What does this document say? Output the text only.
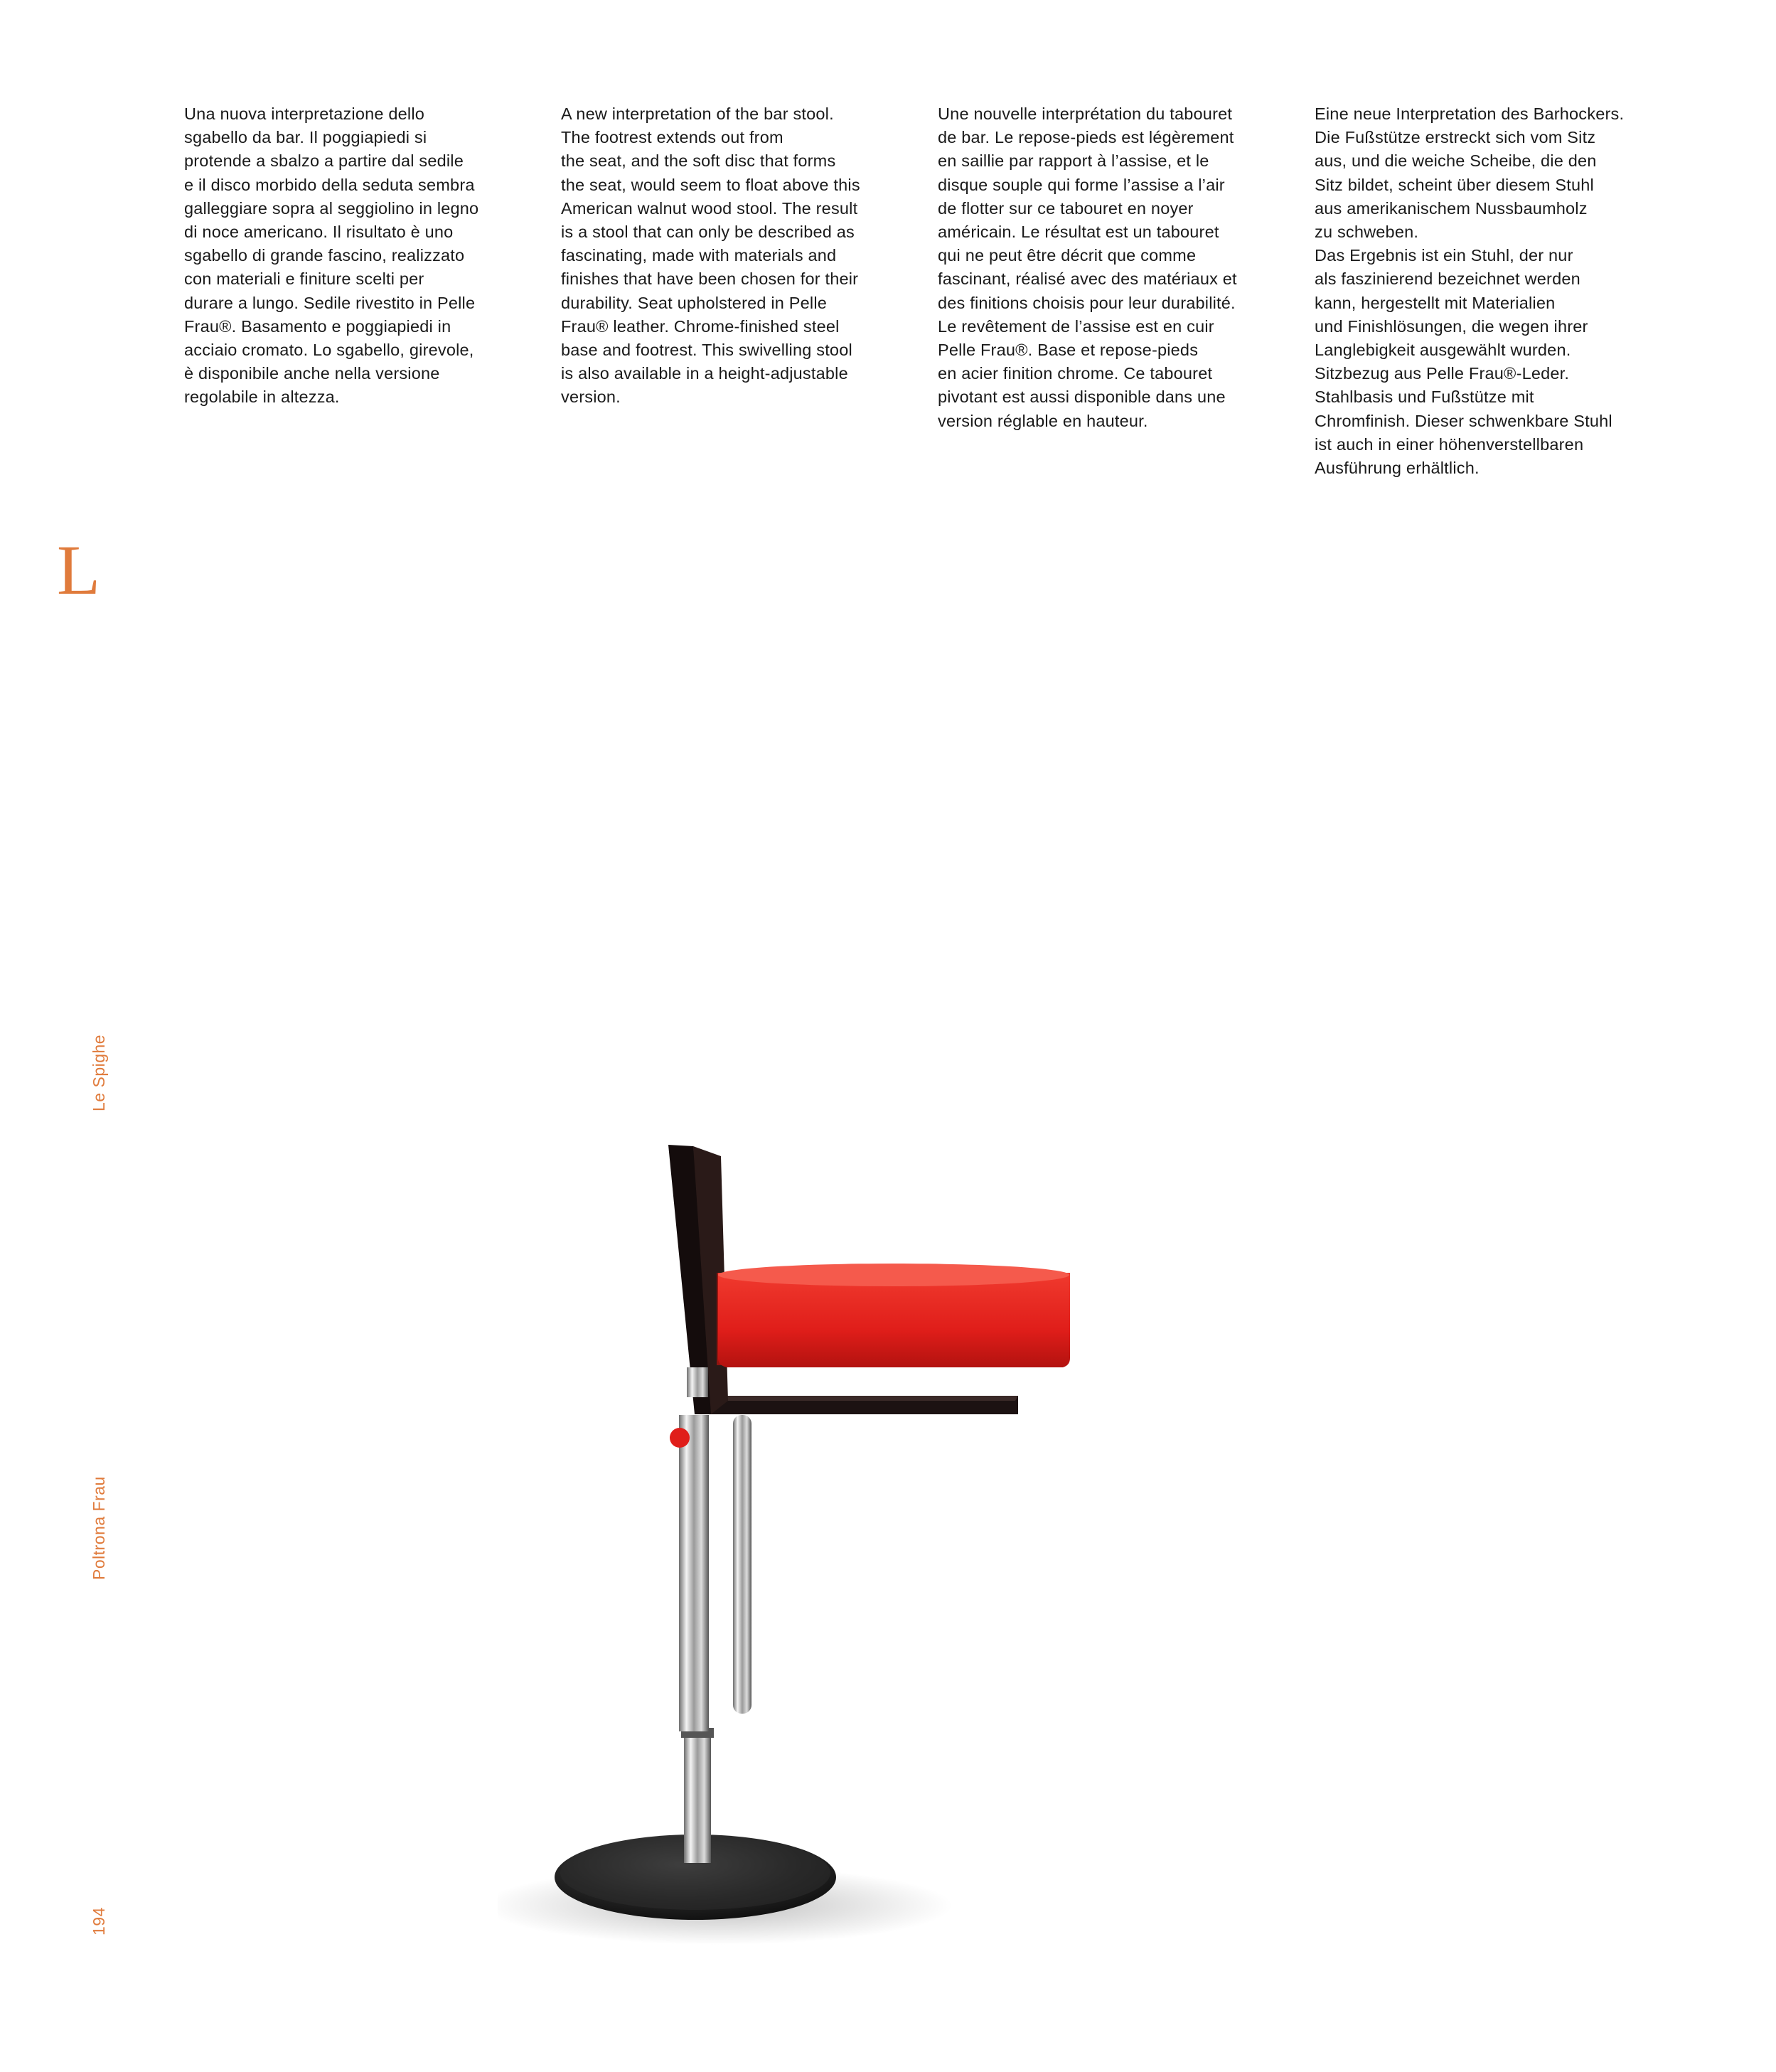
Una nuova interpretazione dello
sgabello da bar. Il poggiapiedi si
protende a sbalzo a partire dal sedile
e il disco morbido della seduta sembra
galleggiare sopra al seggiolino in legno
di noce americano. Il risultato è uno
sgabello di grande fascino, realizzato
con materiali e finiture scelti per
durare a lungo. Sedile rivestito in Pelle
Frau®. Basamento e poggiapiedi in
acciaio cromato. Lo sgabello, girevole,
è disponibile anche nella versione
regolabile in altezza.
A new interpretation of the bar stool.
The footrest extends out from
the seat, and the soft disc that forms
the seat, would seem to float above this
American walnut wood stool. The result
is a stool that can only be described as
fascinating, made with materials and
finishes that have been chosen for their
durability. Seat upholstered in Pelle
Frau® leather. Chrome-finished steel
base and footrest. This swivelling stool
is also available in a height-adjustable
version.
Une nouvelle interprétation du tabouret
de bar. Le repose-pieds est légèrement
en saillie par rapport à l’assise, et le
disque souple qui forme l’assise a l’air
de flotter sur ce tabouret en noyer
américain. Le résultat est un tabouret
qui ne peut être décrit que comme
fascinant, réalisé avec des matériaux et
des finitions choisis pour leur durabilité.
Le revêtement de l’assise est en cuir
Pelle Frau®. Base et repose-pieds
en acier finition chrome. Ce tabouret
pivotant est aussi disponible dans une
version réglable en hauteur.
Eine neue Interpretation des Barhockers.
Die Fußstütze erstreckt sich vom Sitz
aus, und die weiche Scheibe, die den
Sitz bildet, scheint über diesem Stuhl
aus amerikanischem Nussbaumholz
zu schweben.
Das Ergebnis ist ein Stuhl, der nur
als faszinierend bezeichnet werden
kann, hergestellt mit Materialien
und Finishlösungen, die wegen ihrer
Langlebigkeit ausgewählt wurden.
Sitzbezug aus Pelle Frau®-Leder.
Stahlbasis und Fußstütze mit
Chromfinish. Dieser schwenkbare Stuhl
ist auch in einer höhenverstellbaren
Ausführung erhältlich.
L
Le Spighe
Poltrona Frau
194
